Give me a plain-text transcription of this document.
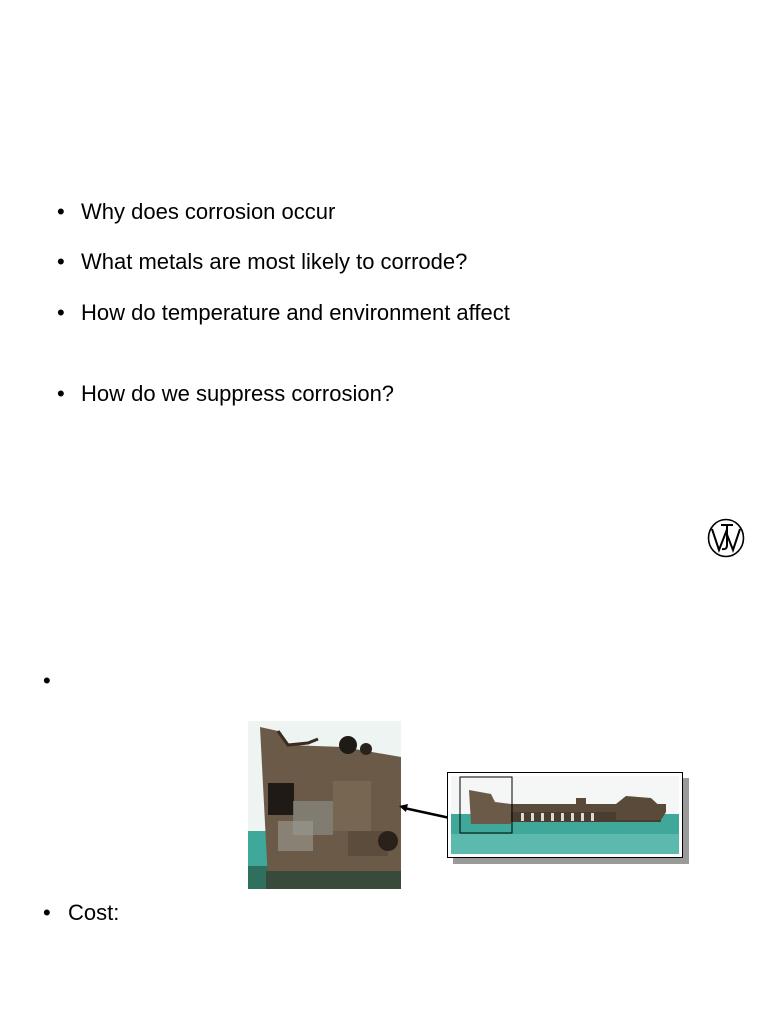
• Why does corrosion occur
• What metals are most likely to corrode?
• How do temperature and environment affect
• How do we suppress corrosion?
•
• Cost:
